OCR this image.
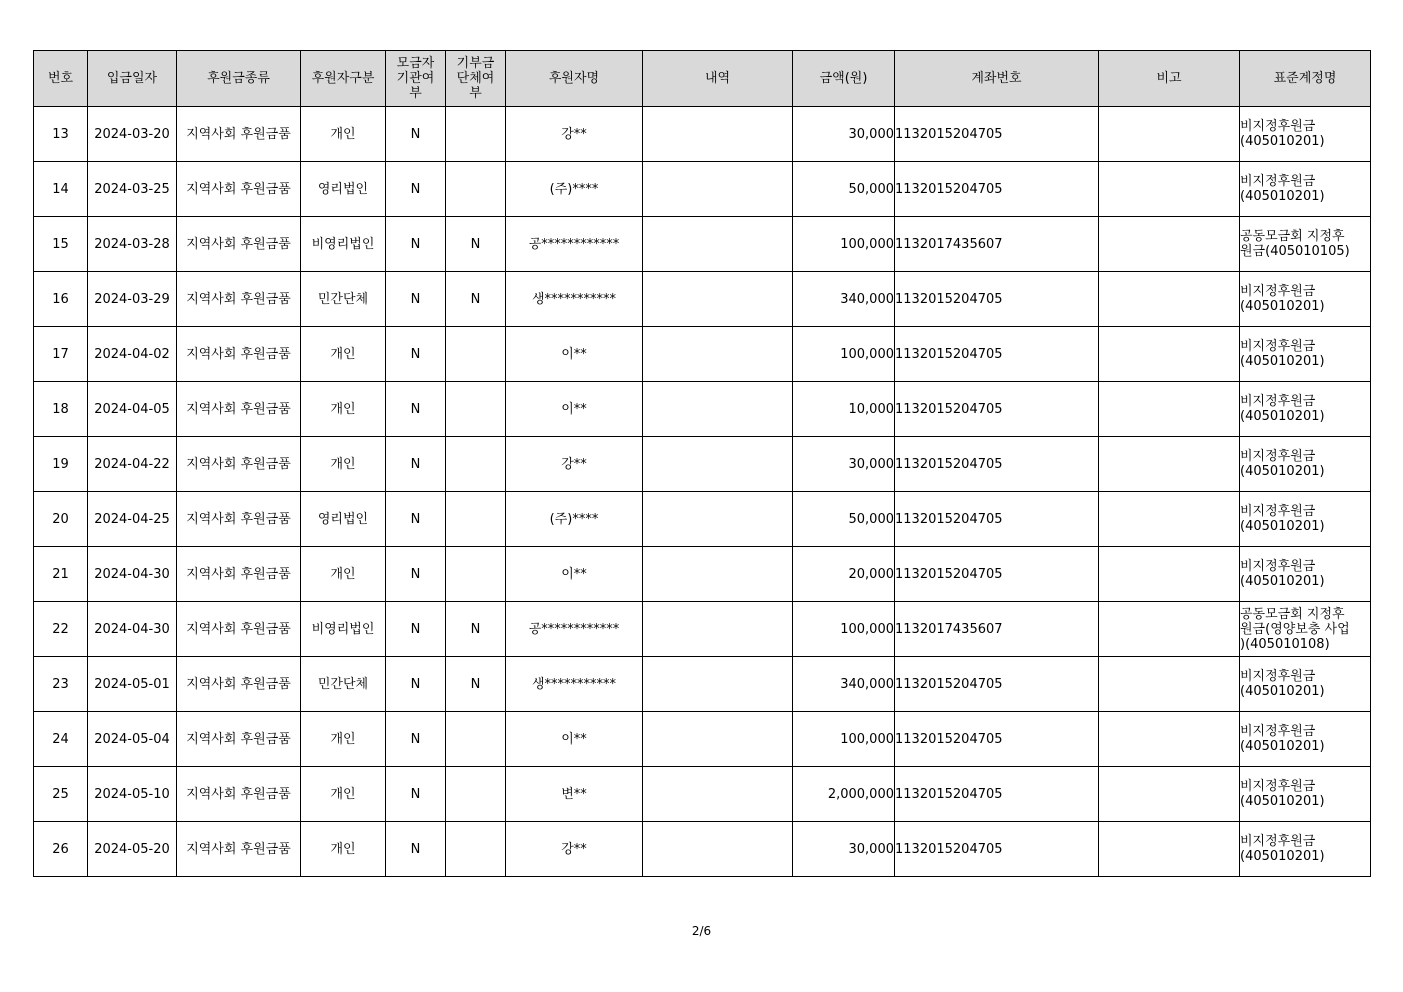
번호	입금일자	후원금종류	후원자구분	모금자
기관여
부	기부금
단체여
부	후원자명	내역	금액(원)	계좌번호	비고	표준계정명
13	2024-03-20	지역사회 후원금품	개인	N		강**		30,000	1132015204705		비지정후원금
(405010201)
14	2024-03-25	지역사회 후원금품	영리법인	N		(주)****		50,000	1132015204705		비지정후원금
(405010201)
15	2024-03-28	지역사회 후원금품	비영리법인	N	N	공************		100,000	1132017435607		공동모금회 지정후
원금(405010105)
16	2024-03-29	지역사회 후원금품	민간단체	N	N	생***********		340,000	1132015204705		비지정후원금
(405010201)
17	2024-04-02	지역사회 후원금품	개인	N		이**		100,000	1132015204705		비지정후원금
(405010201)
18	2024-04-05	지역사회 후원금품	개인	N		이**		10,000	1132015204705		비지정후원금
(405010201)
19	2024-04-22	지역사회 후원금품	개인	N		강**		30,000	1132015204705		비지정후원금
(405010201)
20	2024-04-25	지역사회 후원금품	영리법인	N		(주)****		50,000	1132015204705		비지정후원금
(405010201)
21	2024-04-30	지역사회 후원금품	개인	N		이**		20,000	1132015204705		비지정후원금
(405010201)
22	2024-04-30	지역사회 후원금품	비영리법인	N	N	공************		100,000	1132017435607		공동모금회 지정후
원금(영양보충 사업
)(405010108)
23	2024-05-01	지역사회 후원금품	민간단체	N	N	생***********		340,000	1132015204705		비지정후원금
(405010201)
24	2024-05-04	지역사회 후원금품	개인	N		이**		100,000	1132015204705		비지정후원금
(405010201)
25	2024-05-10	지역사회 후원금품	개인	N		변**		2,000,000	1132015204705		비지정후원금
(405010201)
26	2024-05-20	지역사회 후원금품	개인	N		강**		30,000	1132015204705		비지정후원금
(405010201)
2/6
